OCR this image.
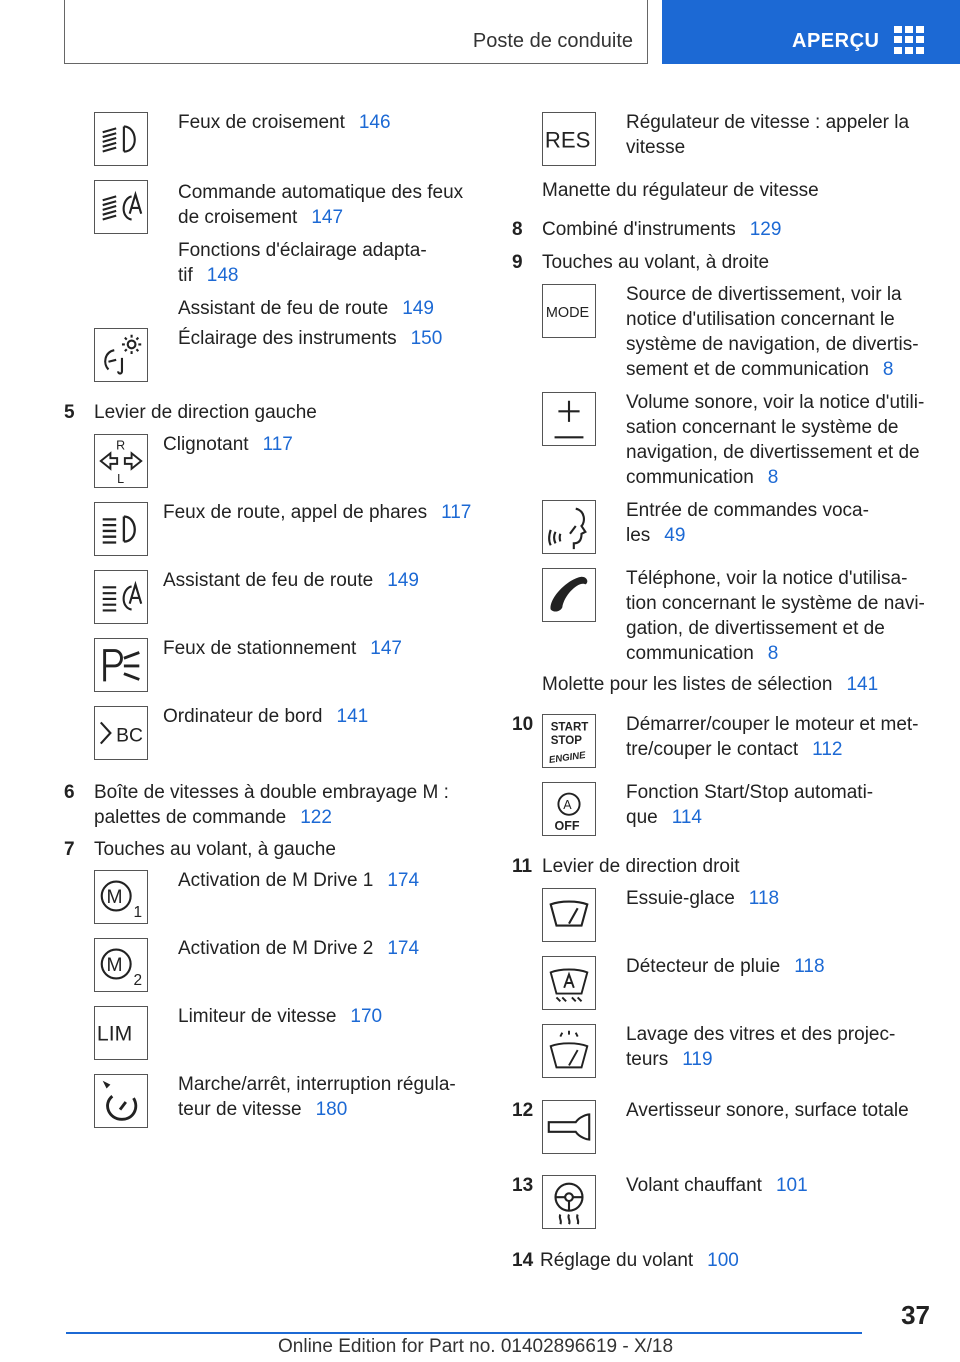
Poste de conduite	APERÇU
Feux de croisement 146

Commande automatique des feux de croisement 147

Fonctions d'éclairage adapta-tif 148

Assistant de feu de route 149

Éclairage des instruments 150
5 Levier de direction gauche
R
L
Clignotant 117
Feux de route, appel de phares 117
Assistant de feu de route 149
Feux de stationnement 147
BC
Ordinateur de bord 141
6 Boîte de vitesses à double embrayage M : palettes de commande 122
7 Touches au volant, à gauche
M
1
Activation de M Drive 1 174
M
2
Activation de M Drive 2 174
LIM
Limiteur de vitesse 170
Marche/arrêt, interruption régula-teur de vitesse 180
RES
Régulateur de vitesse : appeler la vitesse
Manette du régulateur de vitesse
8 Combiné d'instruments 129
9 Touches au volant, à droite
MODE
Source de divertissement, voir la notice d'utilisation concernant le système de navigation, de divertis-sement et de communication 8
Volume sonore, voir la notice d'utili-sation concernant le système de navigation, de divertissement et de communication 8
Entrée de commandes voca-les 49
Téléphone, voir la notice d'utilisa-tion concernant le système de navi-gation, de divertissement et de communication 8
Molette pour les listes de sélection 141
10 START
STOP
ENGINE
Démarrer/couper le moteur et met-tre/couper le contact 112
A
OFF
Fonction Start/Stop automati-que 114
11 Levier de direction droit
Essuie-glace 118
Détecteur de pluie 118
Lavage des vitres et des projec-teurs 119
12	Avertisseur sonore, surface totale
13	Volant chauffant 101
14 Réglage du volant 100
37
Online Edition for Part no. 01402896619 - X/18
